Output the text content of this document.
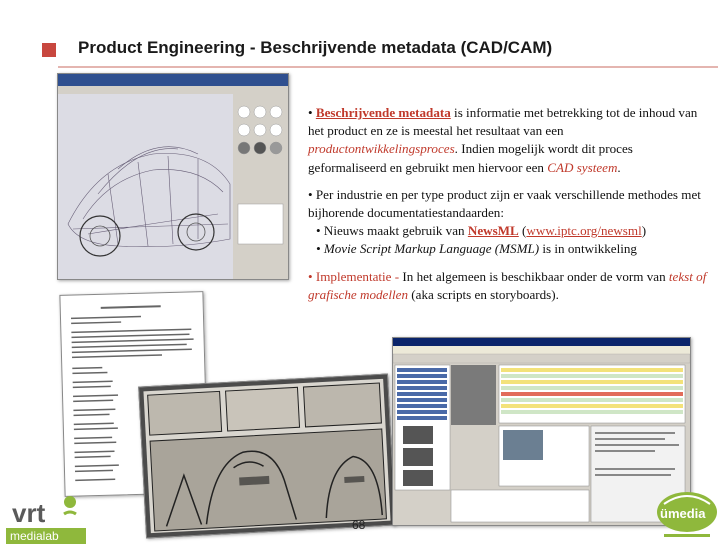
Product Engineering - Beschrijvende metadata (CAD/CAM)

• Beschrijvende metadata is informatie met betrekking tot de inhoud van het product en ze is meestal het resultaat van een productontwikkelingsproces. Indien mogelijk wordt dit proces geformaliseerd en gebruikt men hiervoor een CAD systeem.

• Per industrie en per type product zijn er vaak verschillende methodes met bijhorende documentatiestandaarden:
• Nieuws maakt gebruik van NewsML (www.iptc.org/newsml)
• Movie Script Markup Language (MSML) is in ontwikkeling

• Implementatie - In het algemeen is beschikbaar onder de vorm van tekst of grafische modellen (aka scripts en storyboards).

68
vrt
medialab
ümedia
